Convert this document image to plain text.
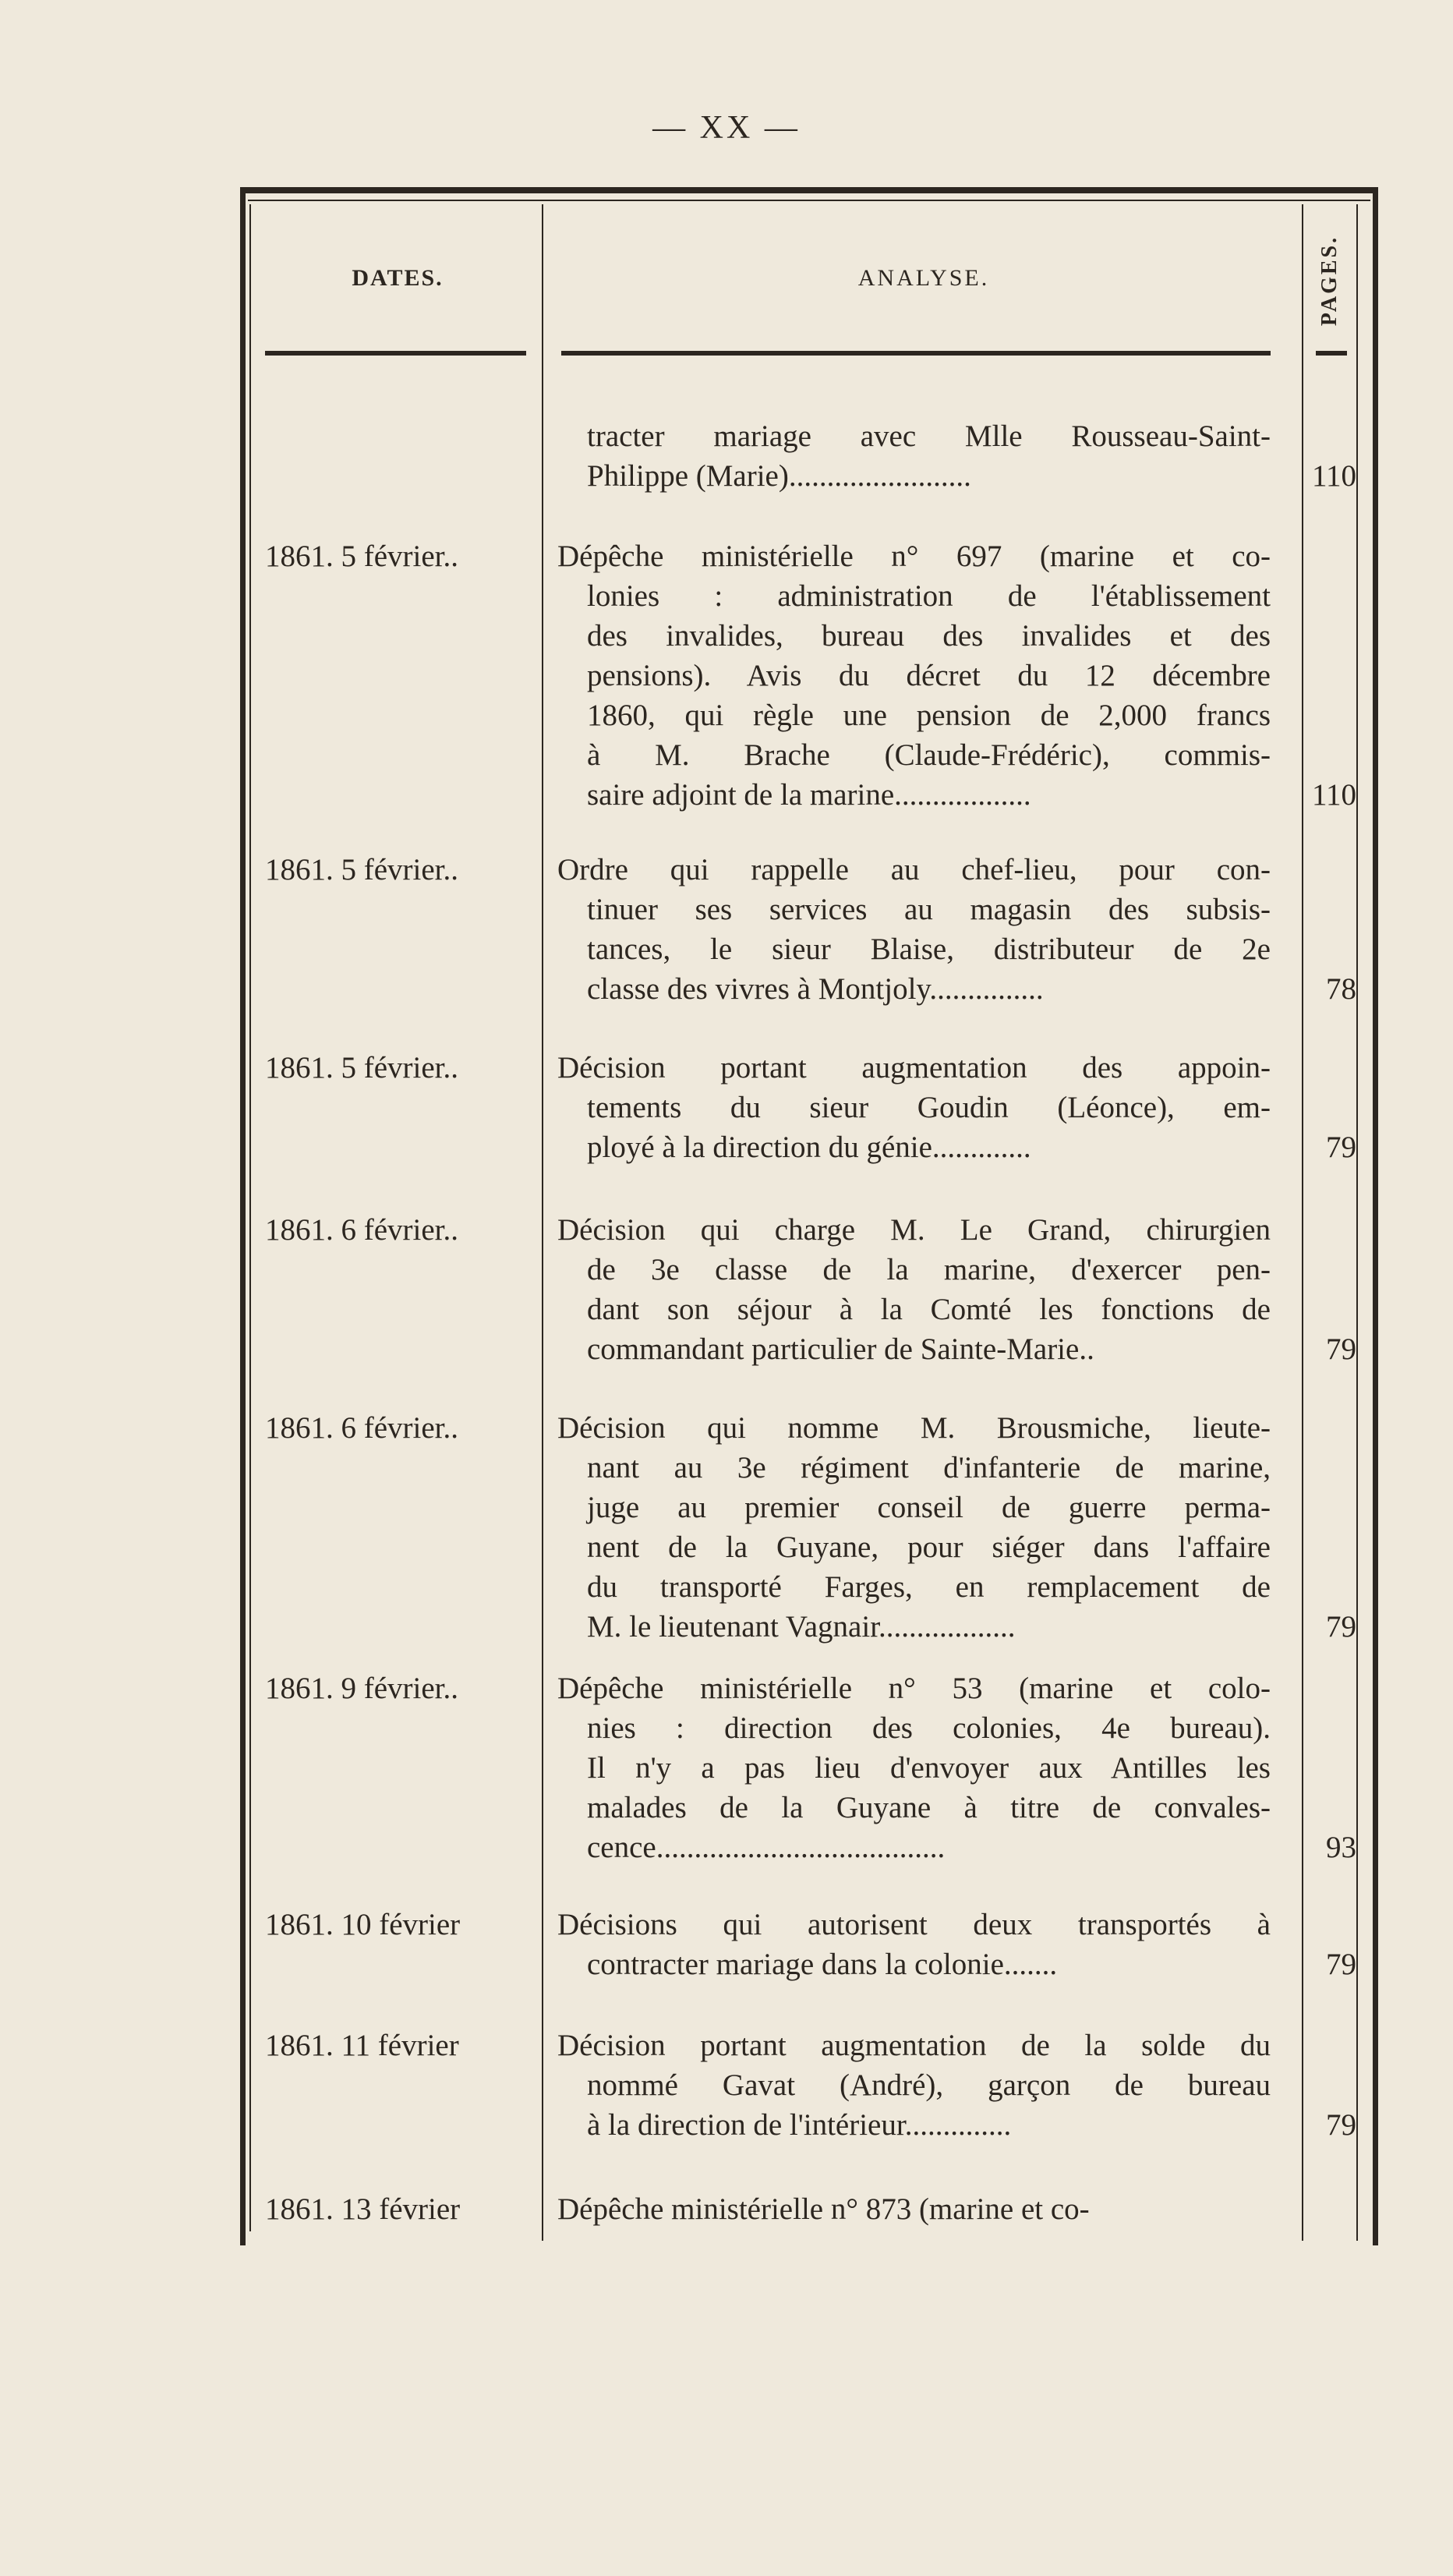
— XX —
DATES.	ANALYSE.	PAGES.
tracter mariage avec Mlle Rousseau-Saint-
Philippe (Marie)........................	110
1861. 5 février..	Dépêche ministérielle n° 697 (marine et co-
lonies : administration de l'établissement
des invalides, bureau des invalides et des
pensions). Avis du décret du 12 décembre
1860, qui règle une pension de 2,000 francs
à M. Brache (Claude-Frédéric), commis-
saire adjoint de la marine..................	110
1861. 5 février..	Ordre qui rappelle au chef-lieu, pour con-
tinuer ses services au magasin des subsis-
tances, le sieur Blaise, distributeur de 2e
classe des vivres à Montjoly...............	78
1861. 5 février..	Décision portant augmentation des appoin-
tements du sieur Goudin (Léonce), em-
ployé à la direction du génie.............	79
1861. 6 février..	Décision qui charge M. Le Grand, chirurgien
de 3e classe de la marine, d'exercer pen-
dant son séjour à la Comté les fonctions de
commandant particulier de Sainte-Marie..	79
1861. 6 février..	Décision qui nomme M. Brousmiche, lieute-
nant au 3e régiment d'infanterie de marine,
juge au premier conseil de guerre perma-
nent de la Guyane, pour siéger dans l'affaire
du transporté Farges, en remplacement de
M. le lieutenant Vagnair..................	79
1861. 9 février..	Dépêche ministérielle n° 53 (marine et colo-
nies : direction des colonies, 4e bureau).
Il n'y a pas lieu d'envoyer aux Antilles les
malades de la Guyane à titre de convales-
cence......................................	93
1861. 10 février	Décisions qui autorisent deux transportés à
contracter mariage dans la colonie.......	79
1861. 11 février	Décision portant augmentation de la solde du
nommé Gavat (André), garçon de bureau
à la direction de l'intérieur..............	79
1861. 13 février	Dépêche ministérielle n° 873 (marine et co-
